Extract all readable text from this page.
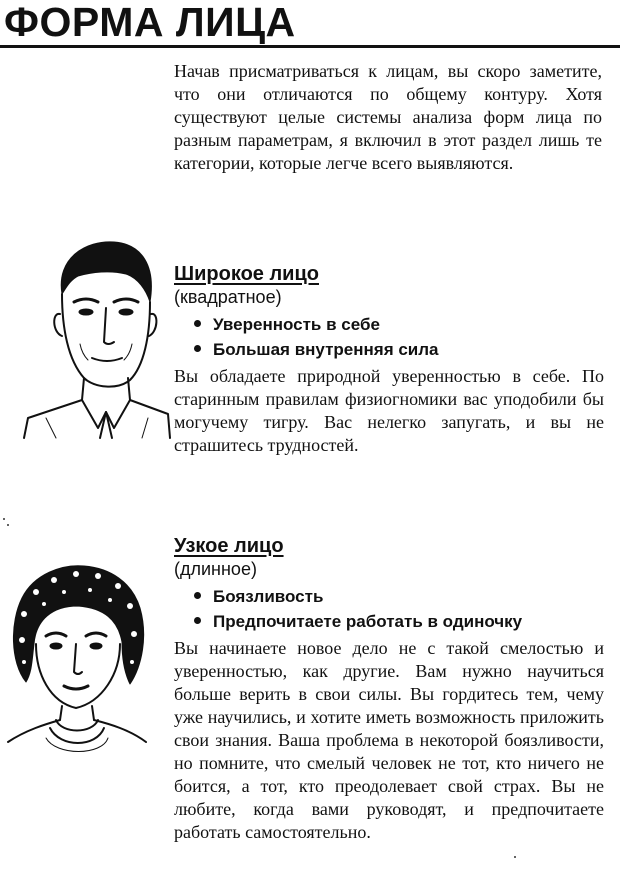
ФОРМА ЛИЦА

Начав присматриваться к лицам, вы скоро заметите, что они отличаются по общему контуру. Хотя существуют целые системы анализа форм лица по разным параметрам, я включил в этот раздел лишь те категории, которые легче всего выявляются.

Широкое лицо
(квадратное)
Уверенность в себе
Большая внутренняя сила

Вы обладаете природной уверенностью в себе. По старинным правилам физиогномики вас уподобили бы могучему тигру. Вас нелегко запугать, и вы не страшитесь трудностей.

Узкое лицо
(длинное)
Боязливость
Предпочитаете работать в одиночку

Вы начинаете новое дело не с такой смелостью и уверенностью, как другие. Вам нужно научиться больше верить в свои силы. Вы гордитесь тем, чему уже научились, и хотите иметь возможность приложить свои знания. Ваша проблема в некоторой боязливости, но помните, что смелый человек не тот, кто ничего не боится, а тот, кто преодолевает свой страх. Вы не любите, когда вами руководят, и предпочитаете работать самостоятельно.
